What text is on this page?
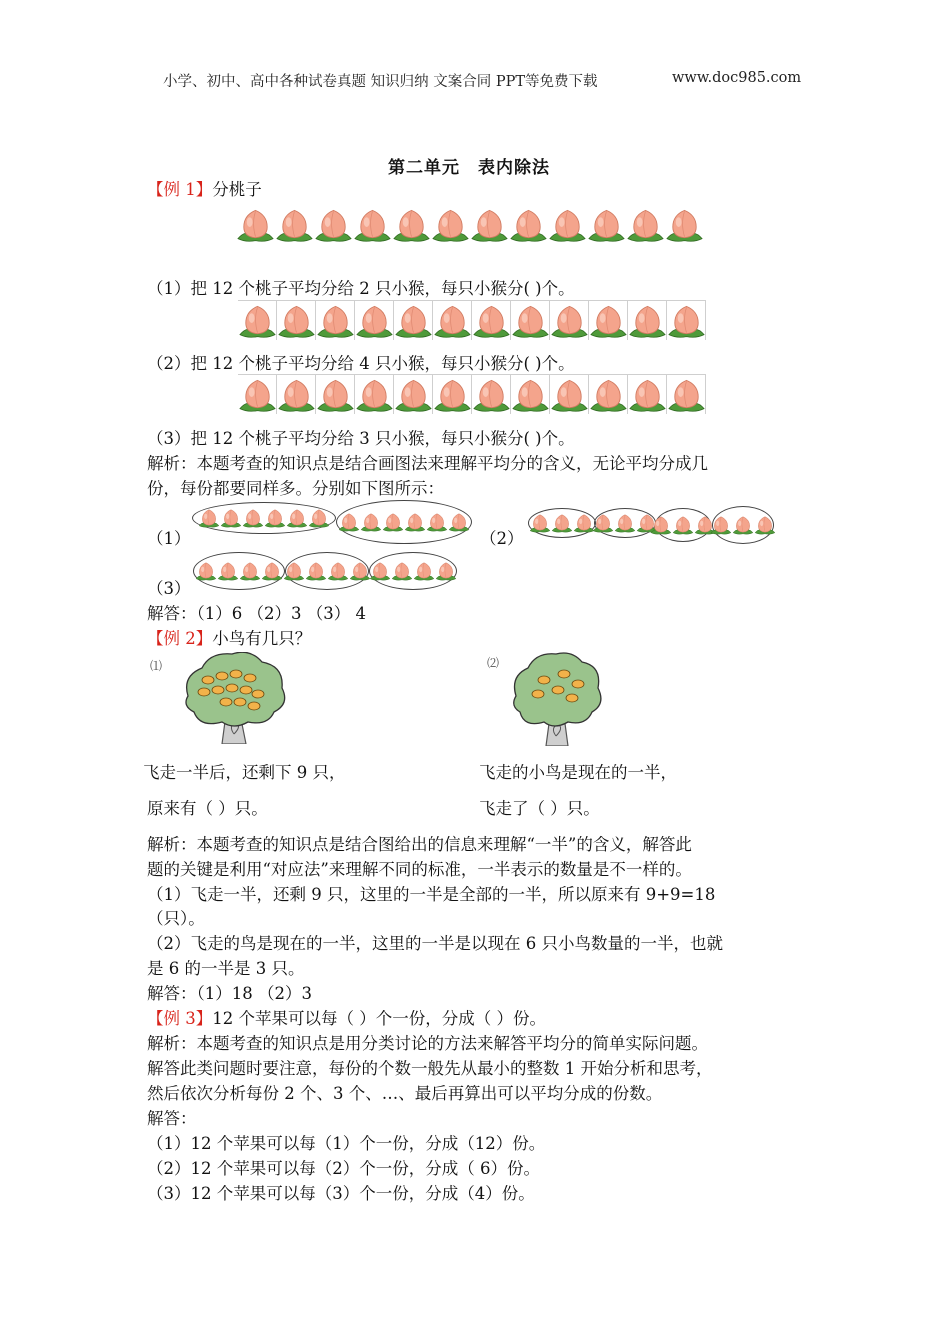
小学、初中、高中各种试卷真题 知识归纳 文案合同 PPT等免费下载	www.doc985.com
第二单元　表内除法
【例 1】分桃子
（1）把 12 个桃子平均分给 2 只小猴，每只小猴分( )个。
（2）把 12 个桃子平均分给 4 只小猴，每只小猴分( )个。
（3）把 12 个桃子平均分给 3 只小猴，每只小猴分( )个。
解析：本题考查的知识点是结合画图法来理解平均分的含义，无论平均分成几
份，每份都要同样多。分别如下图所示：
（1）	（2）
（3）
解答：（1）6 （2）3 （3） 4
【例 2】小鸟有几只？
⑴	⑵
飞走一半后，还剩下 9 只，
原来有（ ）只。
飞走的小鸟是现在的一半，
飞走了（ ）只。
解析：本题考查的知识点是结合图给出的信息来理解“一半”的含义，解答此
题的关键是利用“对应法”来理解不同的标准，一半表示的数量是不一样的。
（1）飞走一半，还剩 9 只，这里的一半是全部的一半，所以原来有 9+9=18
（只）。
（2）飞走的鸟是现在的一半，这里的一半是以现在 6 只小鸟数量的一半，也就
是 6 的一半是 3 只。
解答：（1）18 （2）3
【例 3】12 个苹果可以每（ ）个一份，分成（ ）份。
解析：本题考查的知识点是用分类讨论的方法来解答平均分的简单实际问题。
解答此类问题时要注意，每份的个数一般先从最小的整数 1 开始分析和思考，
然后依次分析每份 2 个、3 个、…、最后再算出可以平均分成的份数。
解答：
（1）12 个苹果可以每（1）个一份，分成（12）份。
（2）12 个苹果可以每（2）个一份，分成（ 6）份。
（3）12 个苹果可以每（3）个一份，分成（4）份。
